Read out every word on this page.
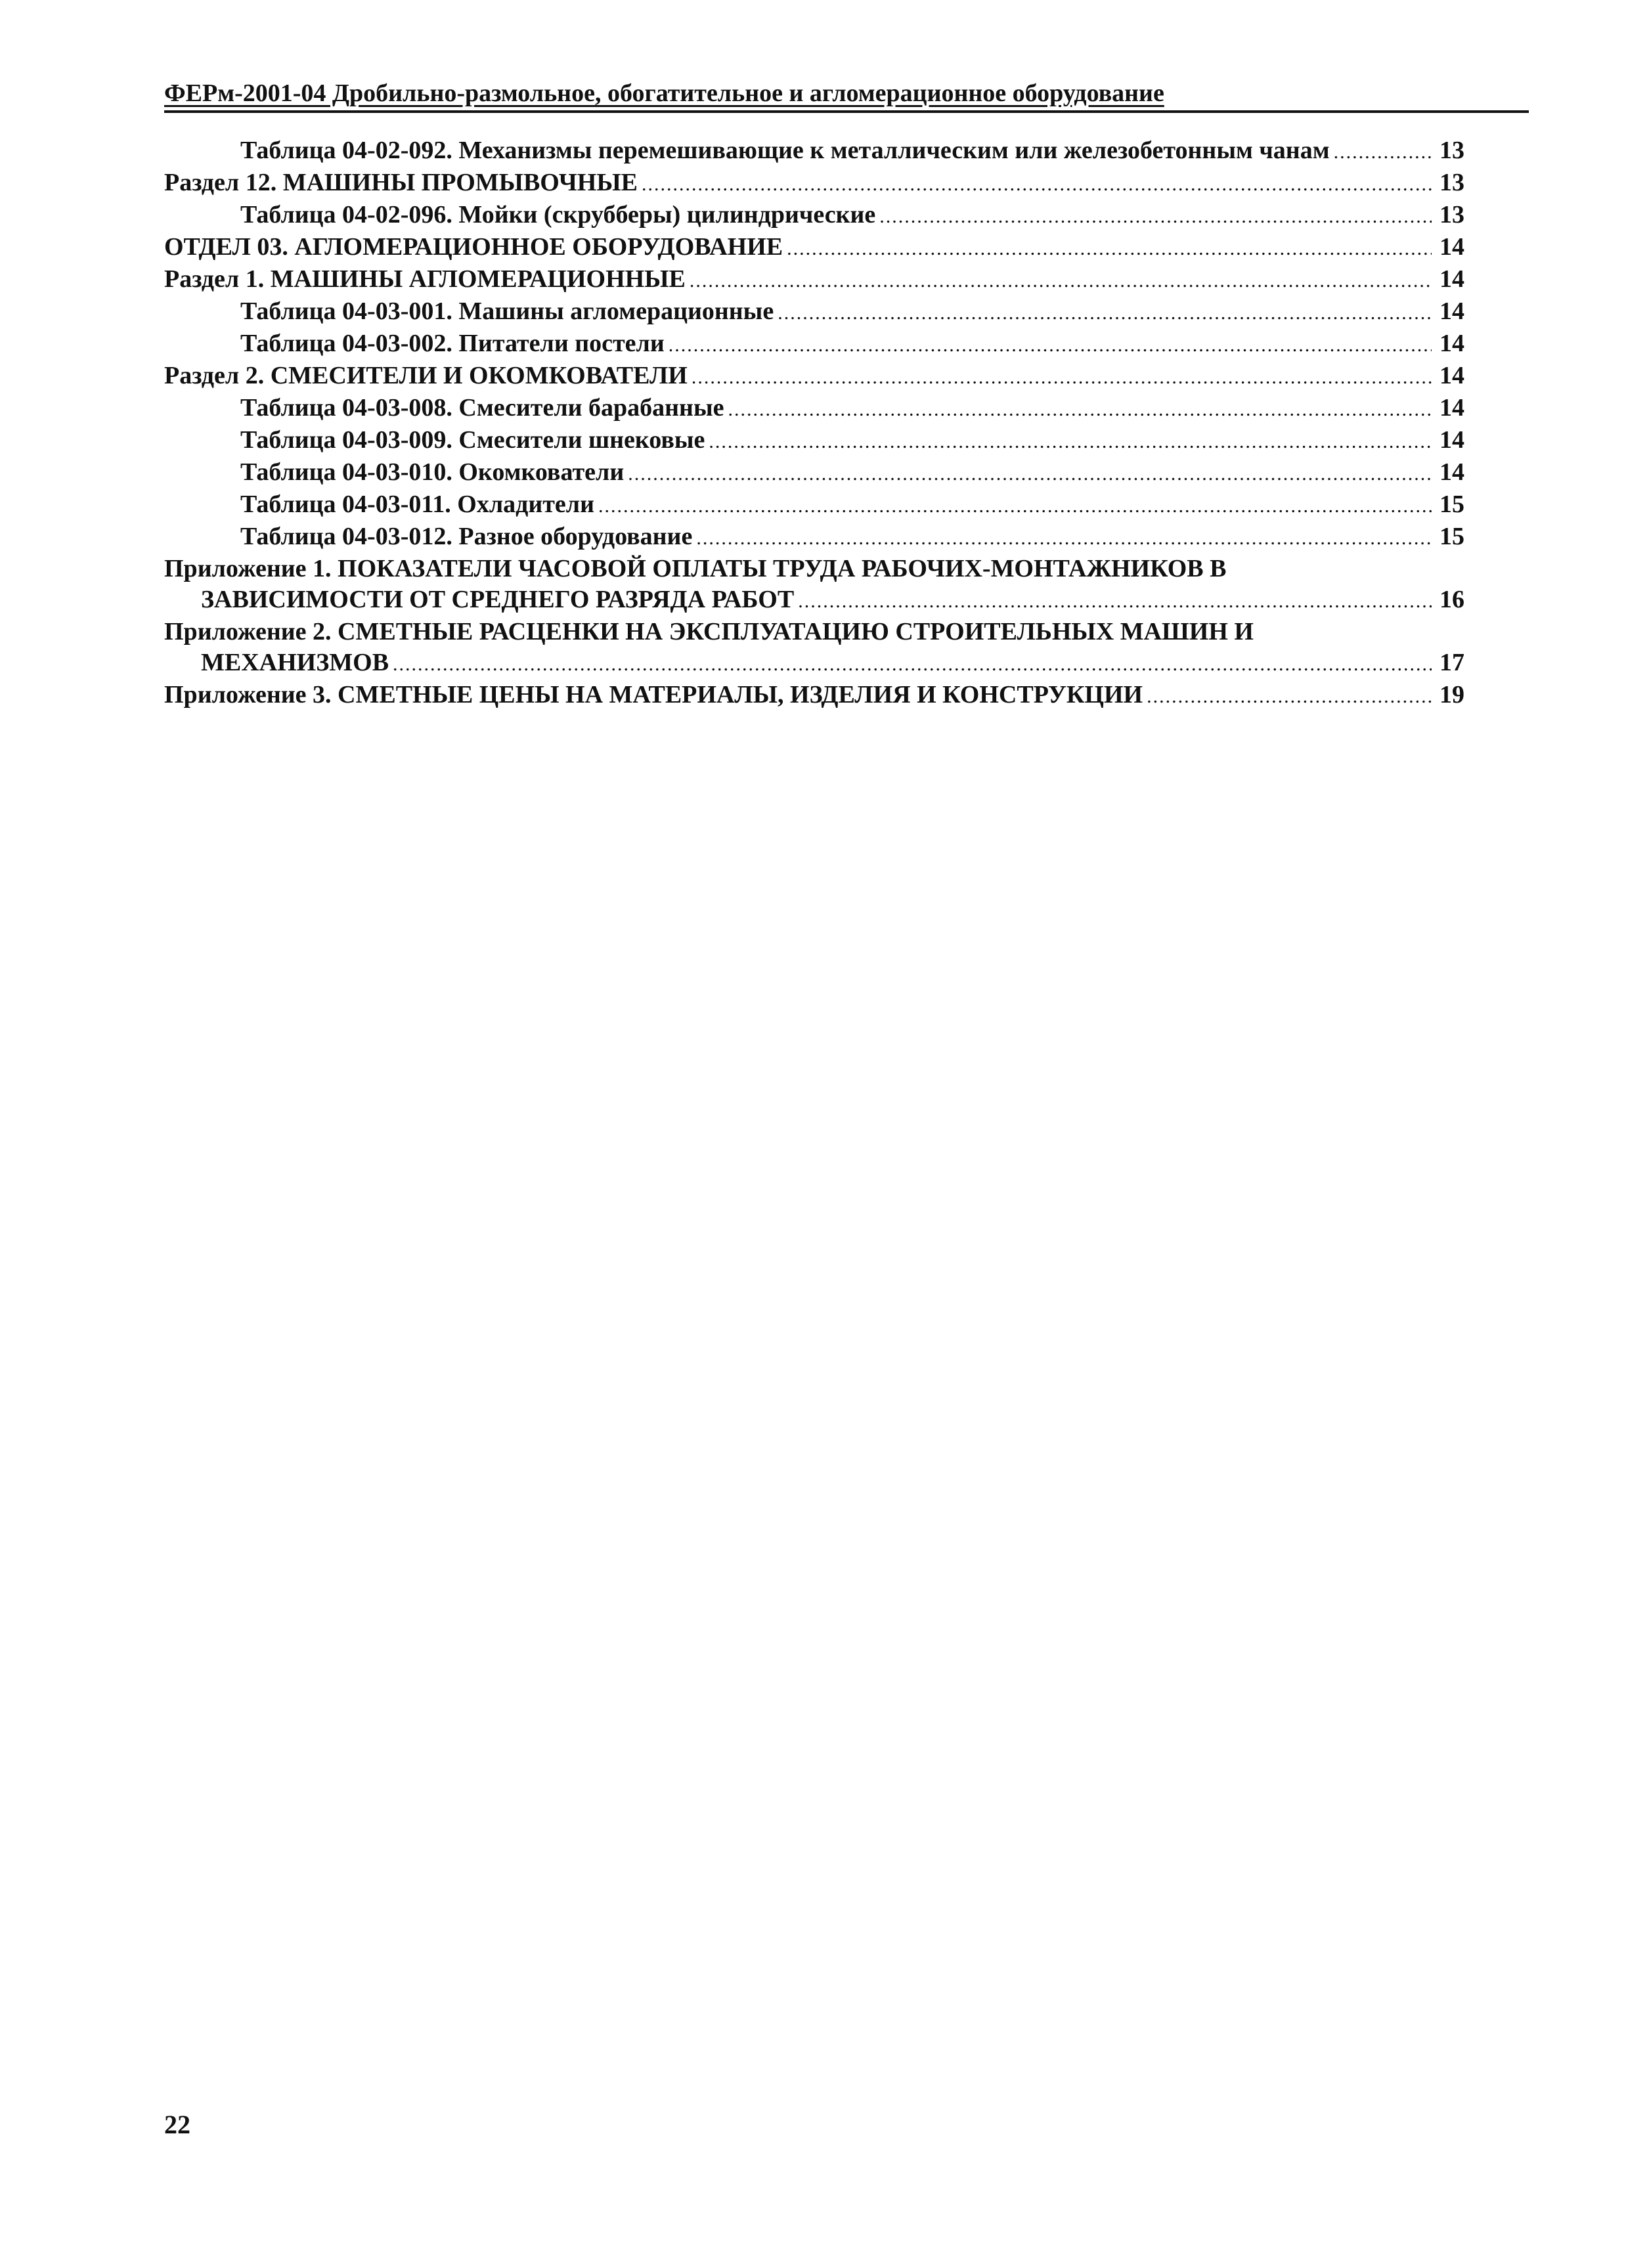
ФЕРм-2001-04 Дробильно-размольное, обогатительное и агломерационное оборудование
Таблица 04-02-092. Механизмы перемешивающие к металлическим или железобетонным чанам .....	13
Раздел 12. МАШИНЫ ПРОМЫВОЧНЫЕ .....	13
Таблица 04-02-096. Мойки (скрубберы) цилиндрические .....	13
ОТДЕЛ 03. АГЛОМЕРАЦИОННОЕ ОБОРУДОВАНИЕ .....	14
Раздел 1. МАШИНЫ АГЛОМЕРАЦИОННЫЕ .....	14
Таблица 04-03-001. Машины агломерационные .....	14
Таблица 04-03-002. Питатели постели .....	14
Раздел 2. СМЕСИТЕЛИ И ОКОМКОВАТЕЛИ .....	14
Таблица 04-03-008. Смесители барабанные .....	14
Таблица 04-03-009. Смесители шнековые .....	14
Таблица 04-03-010. Окомкователи .....	14
Таблица 04-03-011. Охладители .....	15
Таблица 04-03-012. Разное оборудование .....	15
Приложение 1. ПОКАЗАТЕЛИ ЧАСОВОЙ ОПЛАТЫ ТРУДА РАБОЧИХ-МОНТАЖНИКОВ В
ЗАВИСИМОСТИ ОТ СРЕДНЕГО РАЗРЯДА РАБОТ .....	16
Приложение 2. СМЕТНЫЕ РАСЦЕНКИ НА ЭКСПЛУАТАЦИЮ СТРОИТЕЛЬНЫХ МАШИН И
МЕХАНИЗМОВ .....	17
Приложение 3. СМЕТНЫЕ ЦЕНЫ НА МАТЕРИАЛЫ, ИЗДЕЛИЯ И КОНСТРУКЦИИ .....	19
22
